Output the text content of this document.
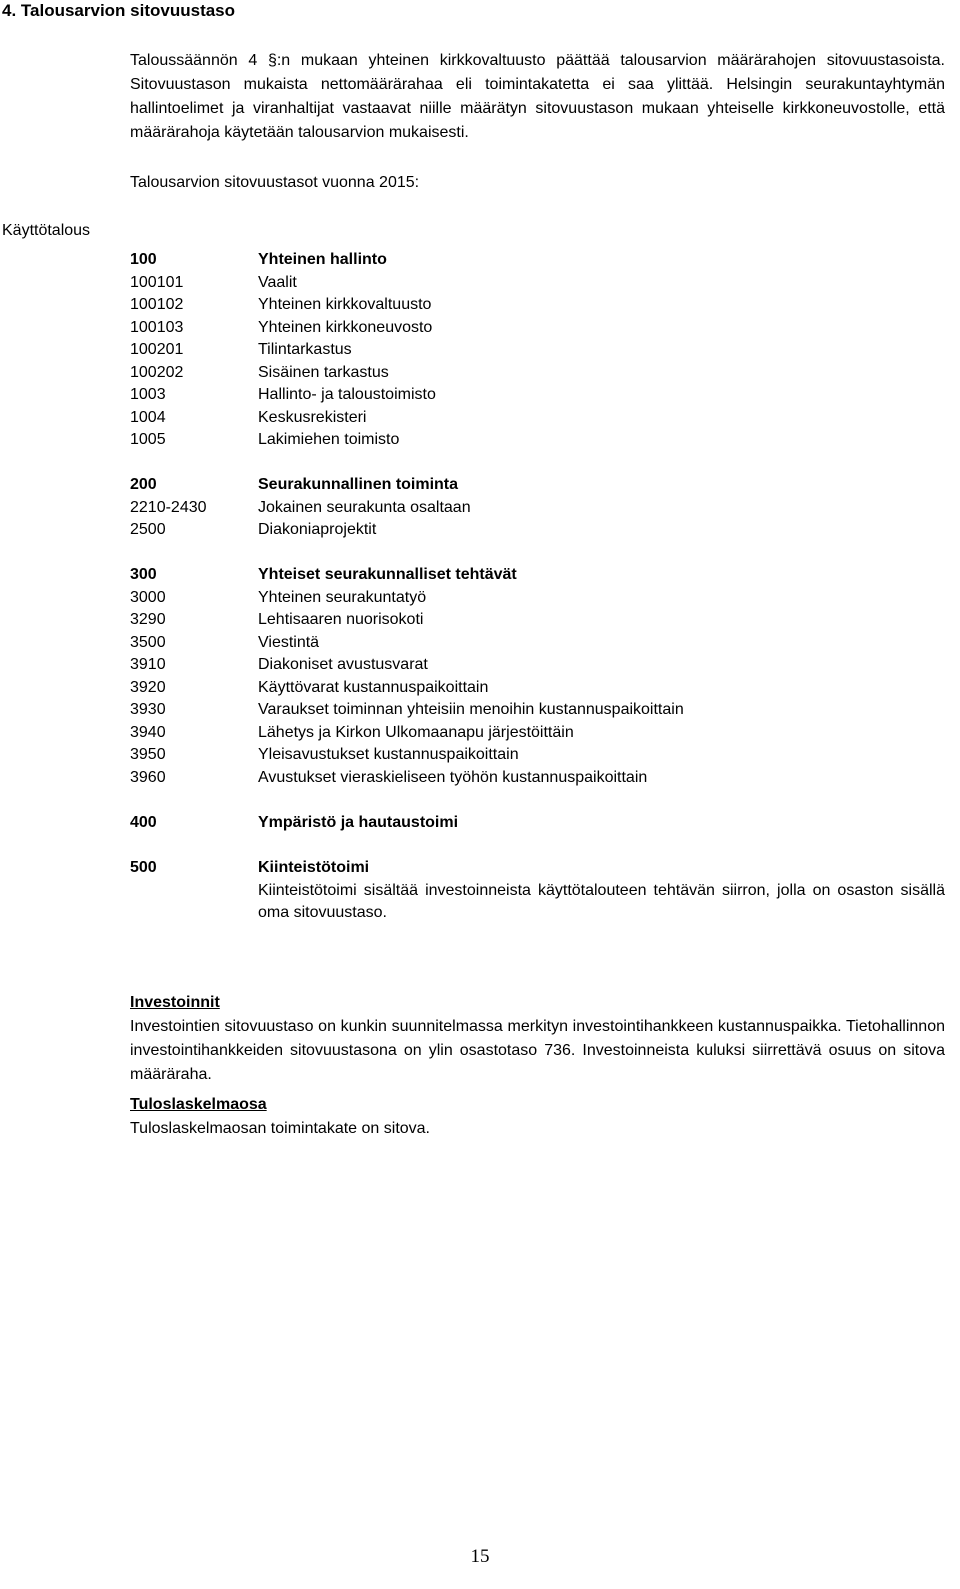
4. Talousarvion sitovuustaso
Taloussäännön 4 §:n mukaan yhteinen kirkkovaltuusto päättää talousarvion määrärahojen sitovuustasoista. Sitovuustason mukaista nettomäärärahaa eli toimintakatetta ei saa ylittää. Helsingin seurakuntayhtymän hallintoelimet ja viranhaltijat vastaavat niille määrätyn sitovuustason mukaan yhteiselle kirkkoneuvostolle, että määrärahoja käytetään talousarvion mukaisesti.
Talousarvion sitovuustasot vuonna 2015:
Käyttötalous
100	Yhteinen hallinto
100101	Vaalit
100102	Yhteinen kirkkovaltuusto
100103	Yhteinen kirkkoneuvosto
100201	Tilintarkastus
100202	Sisäinen tarkastus
1003	Hallinto- ja taloustoimisto
1004	Keskusrekisteri
1005	Lakimiehen toimisto
200	Seurakunnallinen toiminta
2210-2430	Jokainen seurakunta osaltaan
2500	Diakoniaprojektit
300	Yhteiset seurakunnalliset tehtävät
3000	Yhteinen seurakuntatyö
3290	Lehtisaaren nuorisokoti
3500	Viestintä
3910	Diakoniset avustusvarat
3920	Käyttövarat kustannuspaikoittain
3930	Varaukset toiminnan yhteisiin menoihin kustannuspaikoittain
3940	Lähetys ja Kirkon Ulkomaanapu järjestöittäin
3950	Yleisavustukset kustannuspaikoittain
3960	Avustukset vieraskieliseen työhön kustannuspaikoittain
400	Ympäristö ja hautaustoimi
500	Kiinteistötoimi
Kiinteistötoimi sisältää investoinneista käyttötalouteen tehtävän siirron, jolla on osaston sisällä oma sitovuustaso.
Investoinnit
Investointien sitovuustaso on kunkin suunnitelmassa merkityn investointihankkeen kustannuspaikka. Tietohallinnon investointihankkeiden sitovuustasona on ylin osastotaso 736. Investoinneista kuluksi siirrettävä osuus on sitova määräraha.
Tuloslaskelmaosa
Tuloslaskelmaosan toimintakate on sitova.
15
